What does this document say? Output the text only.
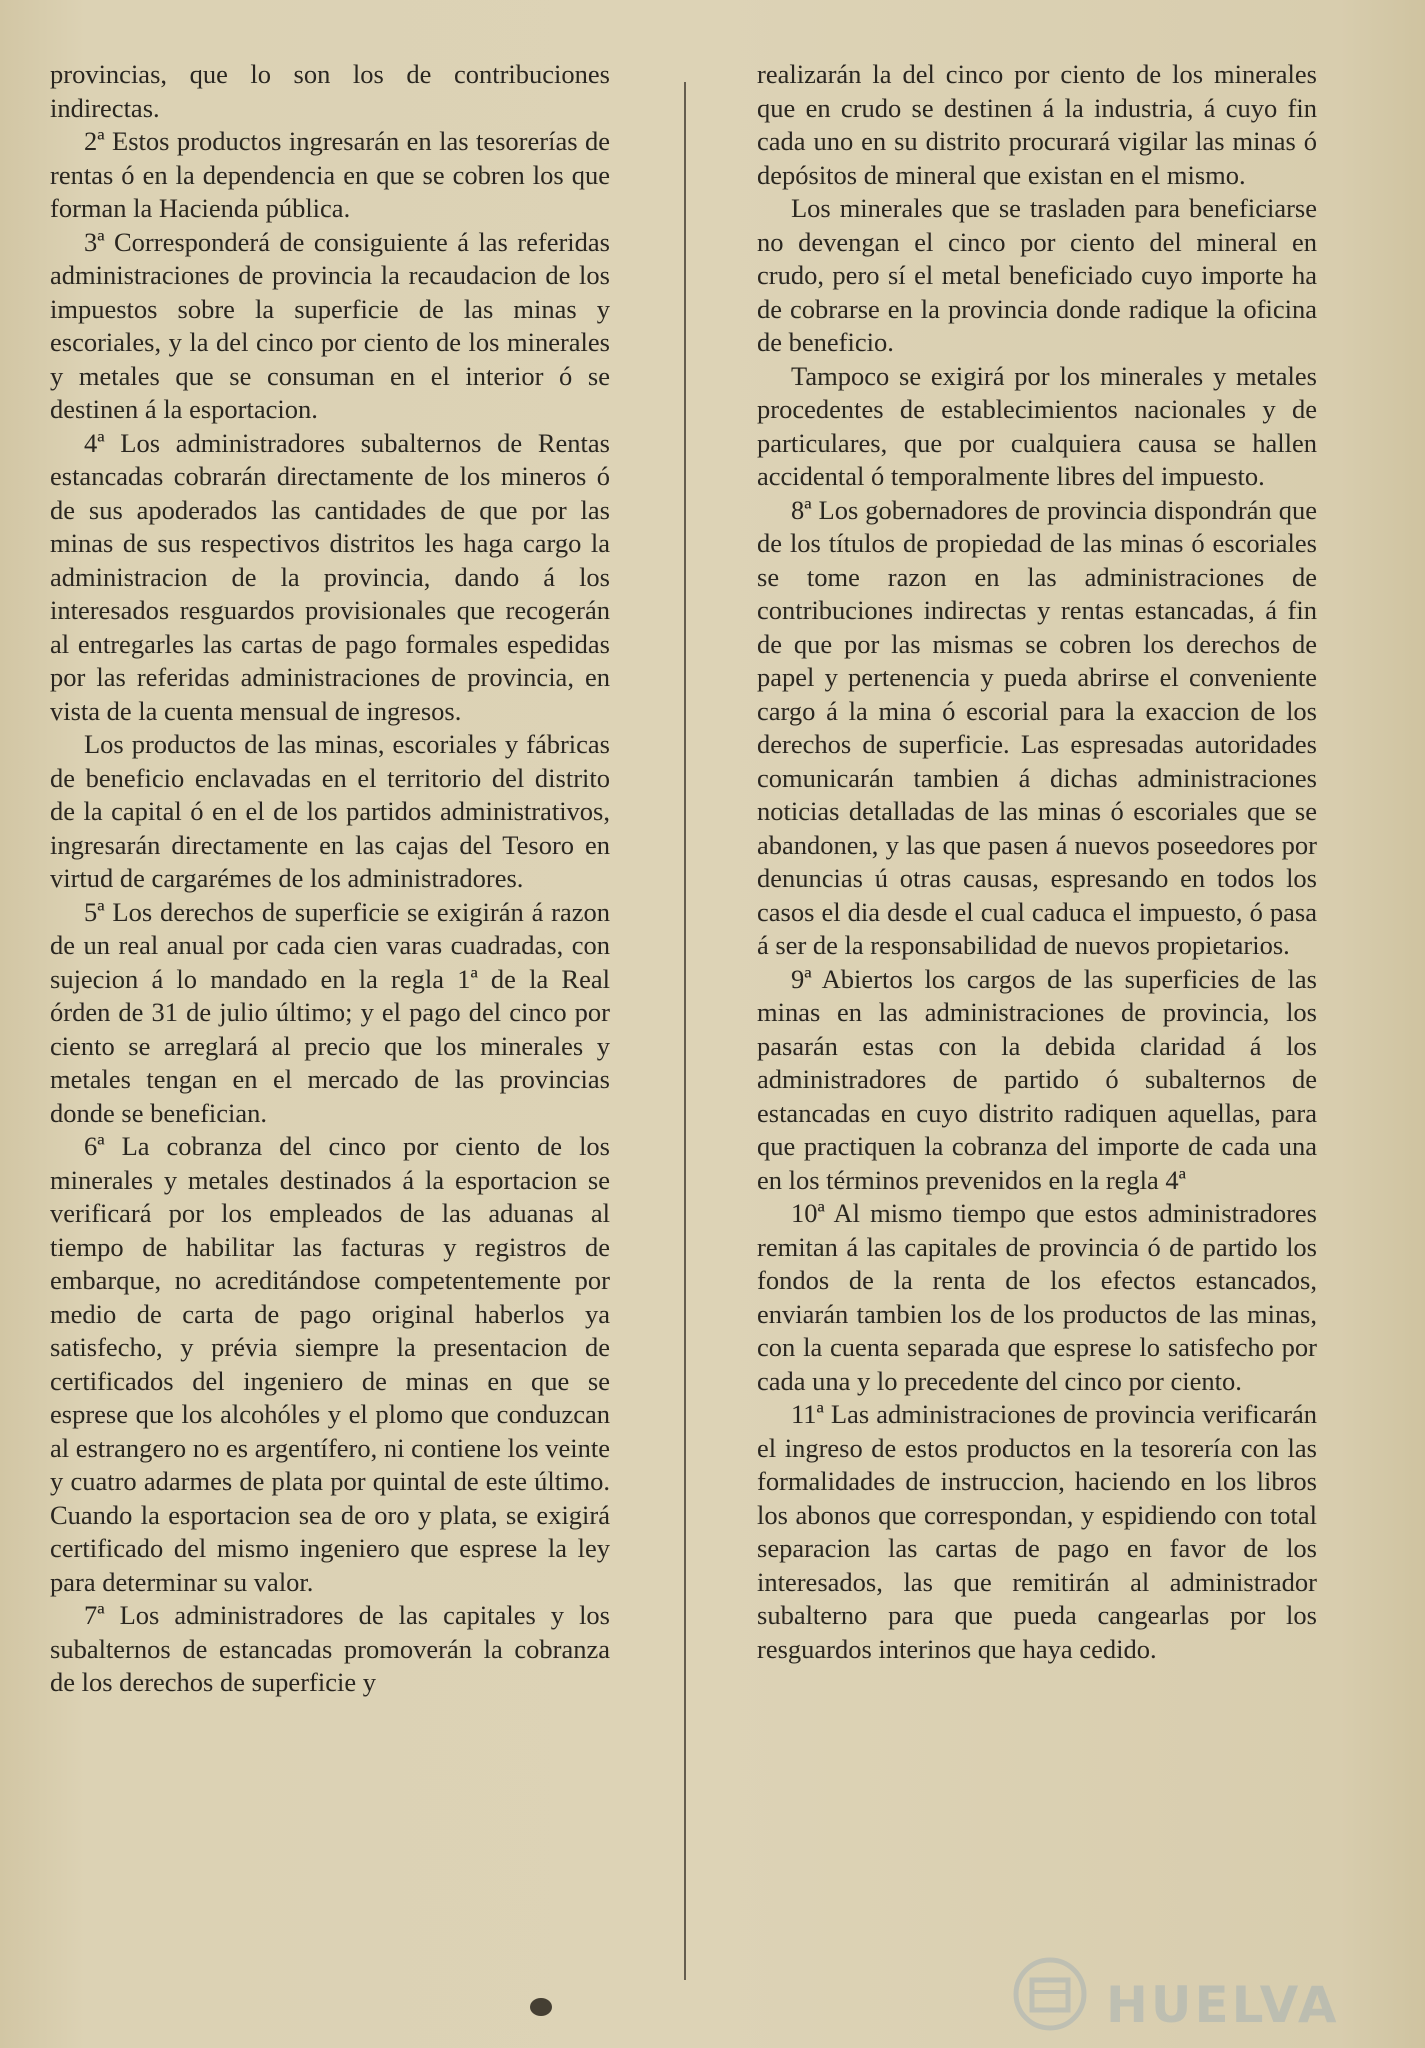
provincias, que lo son los de contribuciones indirectas.

2ª Estos productos ingresarán en las tesorerías de rentas ó en la dependencia en que se cobren los que forman la Hacienda pública.

3ª Corresponderá de consiguiente á las referidas administraciones de provincia la recaudacion de los impuestos sobre la superficie de las minas y escoriales, y la del cinco por ciento de los minerales y metales que se consuman en el interior ó se destinen á la esportacion.

4ª Los administradores subalternos de Rentas estancadas cobrarán directamente de los mineros ó de sus apoderados las cantidades de que por las minas de sus respectivos distritos les haga cargo la administracion de la provincia, dando á los interesados resguardos provisionales que recogerán al entregarles las cartas de pago formales espedidas por las referidas administraciones de provincia, en vista de la cuenta mensual de ingresos.

Los productos de las minas, escoriales y fábricas de beneficio enclavadas en el territorio del distrito de la capital ó en el de los partidos administrativos, ingresarán directamente en las cajas del Tesoro en virtud de cargarémes de los administradores.

5ª Los derechos de superficie se exigirán á razon de un real anual por cada cien varas cuadradas, con sujecion á lo mandado en la regla 1ª de la Real órden de 31 de julio último; y el pago del cinco por ciento se arreglará al precio que los minerales y metales tengan en el mercado de las provincias donde se benefician.

6ª La cobranza del cinco por ciento de los minerales y metales destinados á la esportacion se verificará por los empleados de las aduanas al tiempo de habilitar las facturas y registros de embarque, no acreditándose competentemente por medio de carta de pago original haberlos ya satisfecho, y prévia siempre la presentacion de certificados del ingeniero de minas en que se esprese que los alcohóles y el plomo que conduzcan al estrangero no es argentífero, ni contiene los veinte y cuatro adarmes de plata por quintal de este último. Cuando la esportacion sea de oro y plata, se exigirá certificado del mismo ingeniero que esprese la ley para determinar su valor.

7ª Los administradores de las capitales y los subalternos de estancadas promoverán la cobranza de los derechos de superficie y

realizarán la del cinco por ciento de los minerales que en crudo se destinen á la industria, á cuyo fin cada uno en su distrito procurará vigilar las minas ó depósitos de mineral que existan en el mismo.

Los minerales que se trasladen para beneficiarse no devengan el cinco por ciento del mineral en crudo, pero sí el metal beneficiado cuyo importe ha de cobrarse en la provincia donde radique la oficina de beneficio.

Tampoco se exigirá por los minerales y metales procedentes de establecimientos nacionales y de particulares, que por cualquiera causa se hallen accidental ó temporalmente libres del impuesto.

8ª Los gobernadores de provincia dispondrán que de los títulos de propiedad de las minas ó escoriales se tome razon en las administraciones de contribuciones indirectas y rentas estancadas, á fin de que por las mismas se cobren los derechos de papel y pertenencia y pueda abrirse el conveniente cargo á la mina ó escorial para la exaccion de los derechos de superficie. Las espresadas autoridades comunicarán tambien á dichas administraciones noticias detalladas de las minas ó escoriales que se abandonen, y las que pasen á nuevos poseedores por denuncias ú otras causas, espresando en todos los casos el dia desde el cual caduca el impuesto, ó pasa á ser de la responsabilidad de nuevos propietarios.

9ª Abiertos los cargos de las superficies de las minas en las administraciones de provincia, los pasarán estas con la debida claridad á los administradores de partido ó subalternos de estancadas en cuyo distrito radiquen aquellas, para que practiquen la cobranza del importe de cada una en los términos prevenidos en la regla 4ª

10ª Al mismo tiempo que estos administradores remitan á las capitales de provincia ó de partido los fondos de la renta de los efectos estancados, enviarán tambien los de los productos de las minas, con la cuenta separada que esprese lo satisfecho por cada una y lo precedente del cinco por ciento.

11ª Las administraciones de provincia verificarán el ingreso de estos productos en la tesorería con las formalidades de instruccion, haciendo en los libros los abonos que correspondan, y espidiendo con total separacion las cartas de pago en favor de los interesados, las que remitirán al administrador subalterno para que pueda cangearlas por los resguardos interinos que haya cedido.

HUELVA
